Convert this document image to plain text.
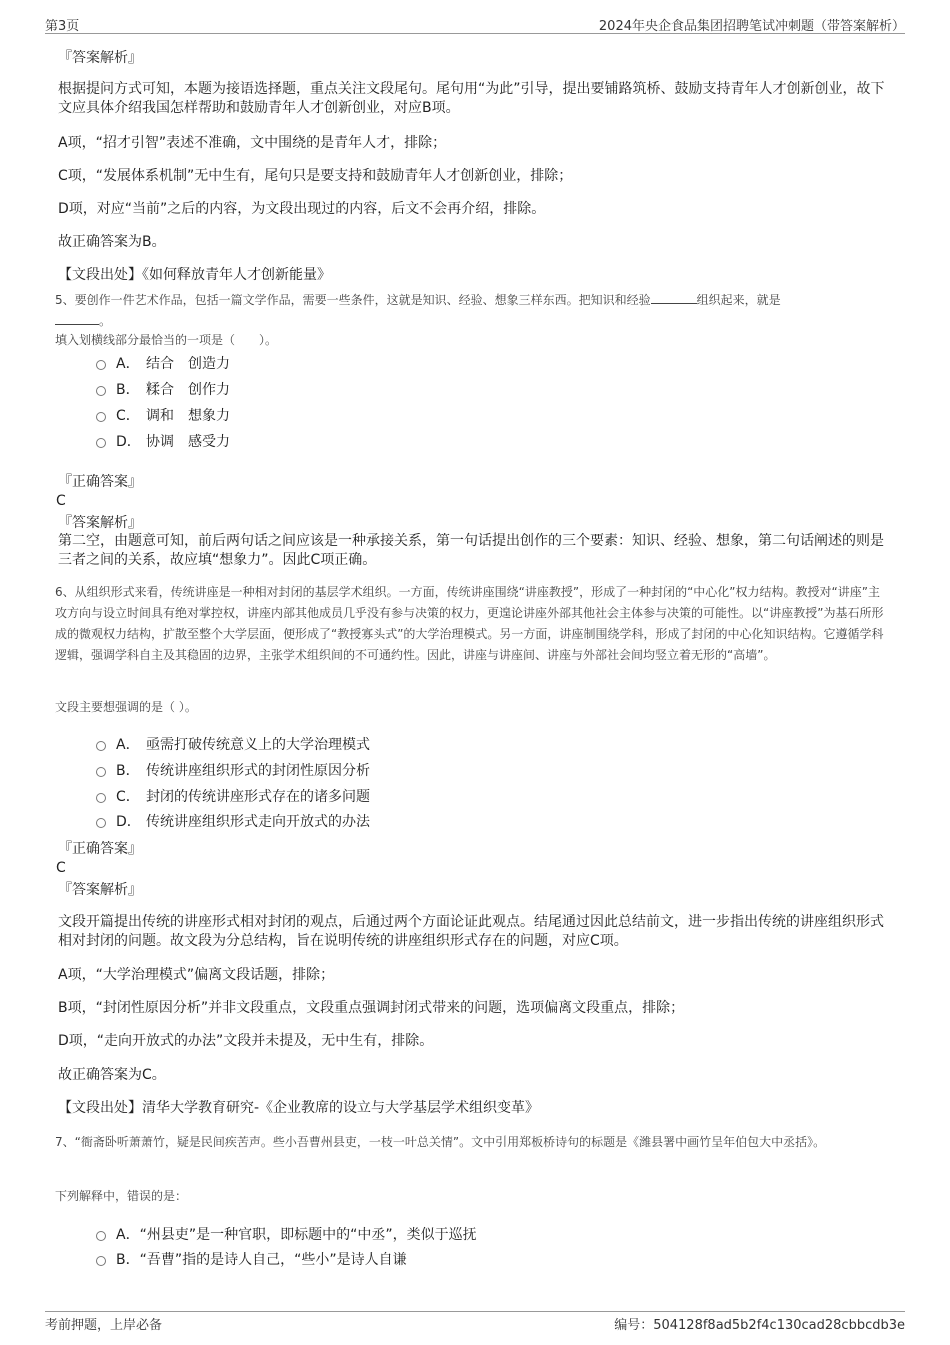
第3页	2024年央企食品集团招聘笔试冲刺题（带答案解析）
『答案解析』
根据提问方式可知，本题为接语选择题，重点关注文段尾句。尾句用“为此”引导，提出要铺路筑桥、鼓励支持青年人才创新创业，故下文应具体介绍我国怎样帮助和鼓励青年人才创新创业，对应B项。
A项，“招才引智”表述不准确，文中围绕的是青年人才，排除；
C项，“发展体系机制”无中生有，尾句只是要支持和鼓励青年人才创新创业，排除；
D项，对应“当前”之后的内容，为文段出现过的内容，后文不会再介绍，排除。
故正确答案为B。
【文段出处】《如何释放青年人才创新能量》
5、要创作一件艺术作品，包括一篇文学作品，需要一些条件，这就是知识、经验、想象三样东西。把知识和经验	组织起来，就是
。
填入划横线部分最恰当的一项是（　　）。
A． 结合　创造力
B． 糅合　创作力
C． 调和　想象力
D． 协调　感受力
『正确答案』
C
『答案解析』
第二空，由题意可知，前后两句话之间应该是一种承接关系，第一句话提出创作的三个要素：知识、经验、想象，第二句话阐述的则是三者之间的关系，故应填“想象力”。因此C项正确。
6、从组织形式来看，传统讲座是一种相对封闭的基层学术组织。一方面，传统讲座围绕“讲座教授”，形成了一种封闭的“中心化”权力结构。教授对“讲座”主攻方向与设立时间具有绝对掌控权，讲座内部其他成员几乎没有参与决策的权力，更遑论讲座外部其他社会主体参与决策的可能性。以“讲座教授”为基石所形成的微观权力结构，扩散至整个大学层面，便形成了“教授寡头式”的大学治理模式。另一方面，讲座制围绕学科，形成了封闭的中心化知识结构。它遵循学科逻辑，强调学科自主及其稳固的边界，主张学术组织间的不可通约性。因此，讲座与讲座间、讲座与外部社会间均竖立着无形的“高墙”。
文段主要想强调的是（ ）。
A． 亟需打破传统意义上的大学治理模式
B． 传统讲座组织形式的封闭性原因分析
C． 封闭的传统讲座形式存在的诸多问题
D． 传统讲座组织形式走向开放式的办法
『正确答案』
C
『答案解析』
文段开篇提出传统的讲座形式相对封闭的观点，后通过两个方面论证此观点。结尾通过因此总结前文，进一步指出传统的讲座组织形式相对封闭的问题。故文段为分总结构，旨在说明传统的讲座组织形式存在的问题，对应C项。
A项，“大学治理模式”偏离文段话题，排除；
B项，“封闭性原因分析”并非文段重点，文段重点强调封闭式带来的问题，选项偏离文段重点，排除；
D项，“走向开放式的办法”文段并未提及，无中生有，排除。
故正确答案为C。
【文段出处】清华大学教育研究-《企业教席的设立与大学基层学术组织变革》
7、“衙斋卧听萧萧竹，疑是民间疾苦声。些小吾曹州县吏，一枝一叶总关情”。文中引用郑板桥诗句的标题是《潍县署中画竹呈年伯包大中丞括》。
下列解释中，错误的是：
A． “州县吏”是一种官职，即标题中的“中丞”，类似于巡抚
B． “吾曹”指的是诗人自己，“些小”是诗人自谦
考前押题，上岸必备	编号：504128f8ad5b2f4c130cad28cbbcdb3e
